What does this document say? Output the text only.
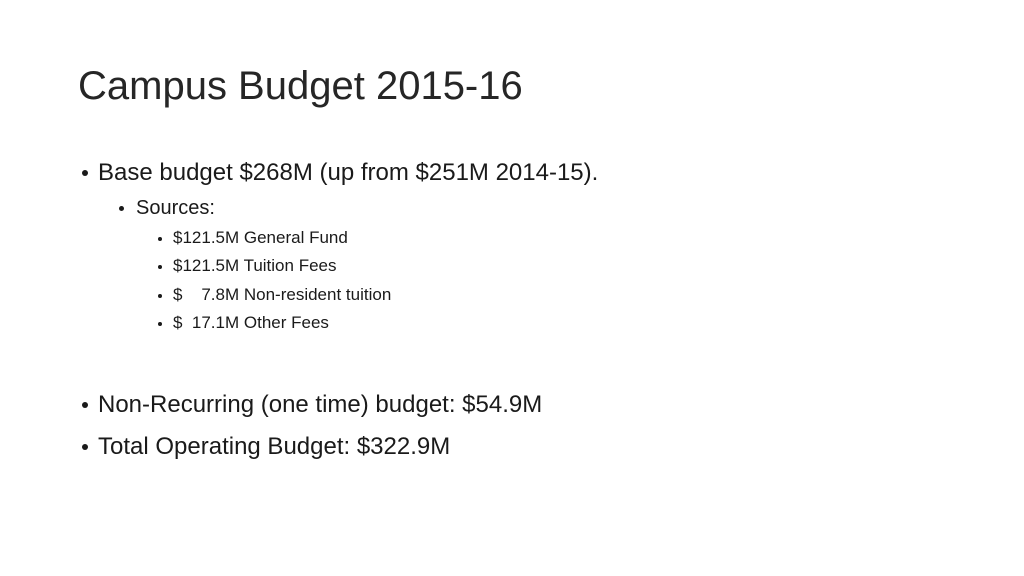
Campus Budget 2015-16
Base budget $268M (up from $251M 2014-15).
Sources:
$121.5M General Fund
$121.5M Tuition Fees
$    7.8M Non-resident tuition
$  17.1M Other Fees
Non-Recurring (one time) budget: $54.9M
Total Operating Budget: $322.9M
